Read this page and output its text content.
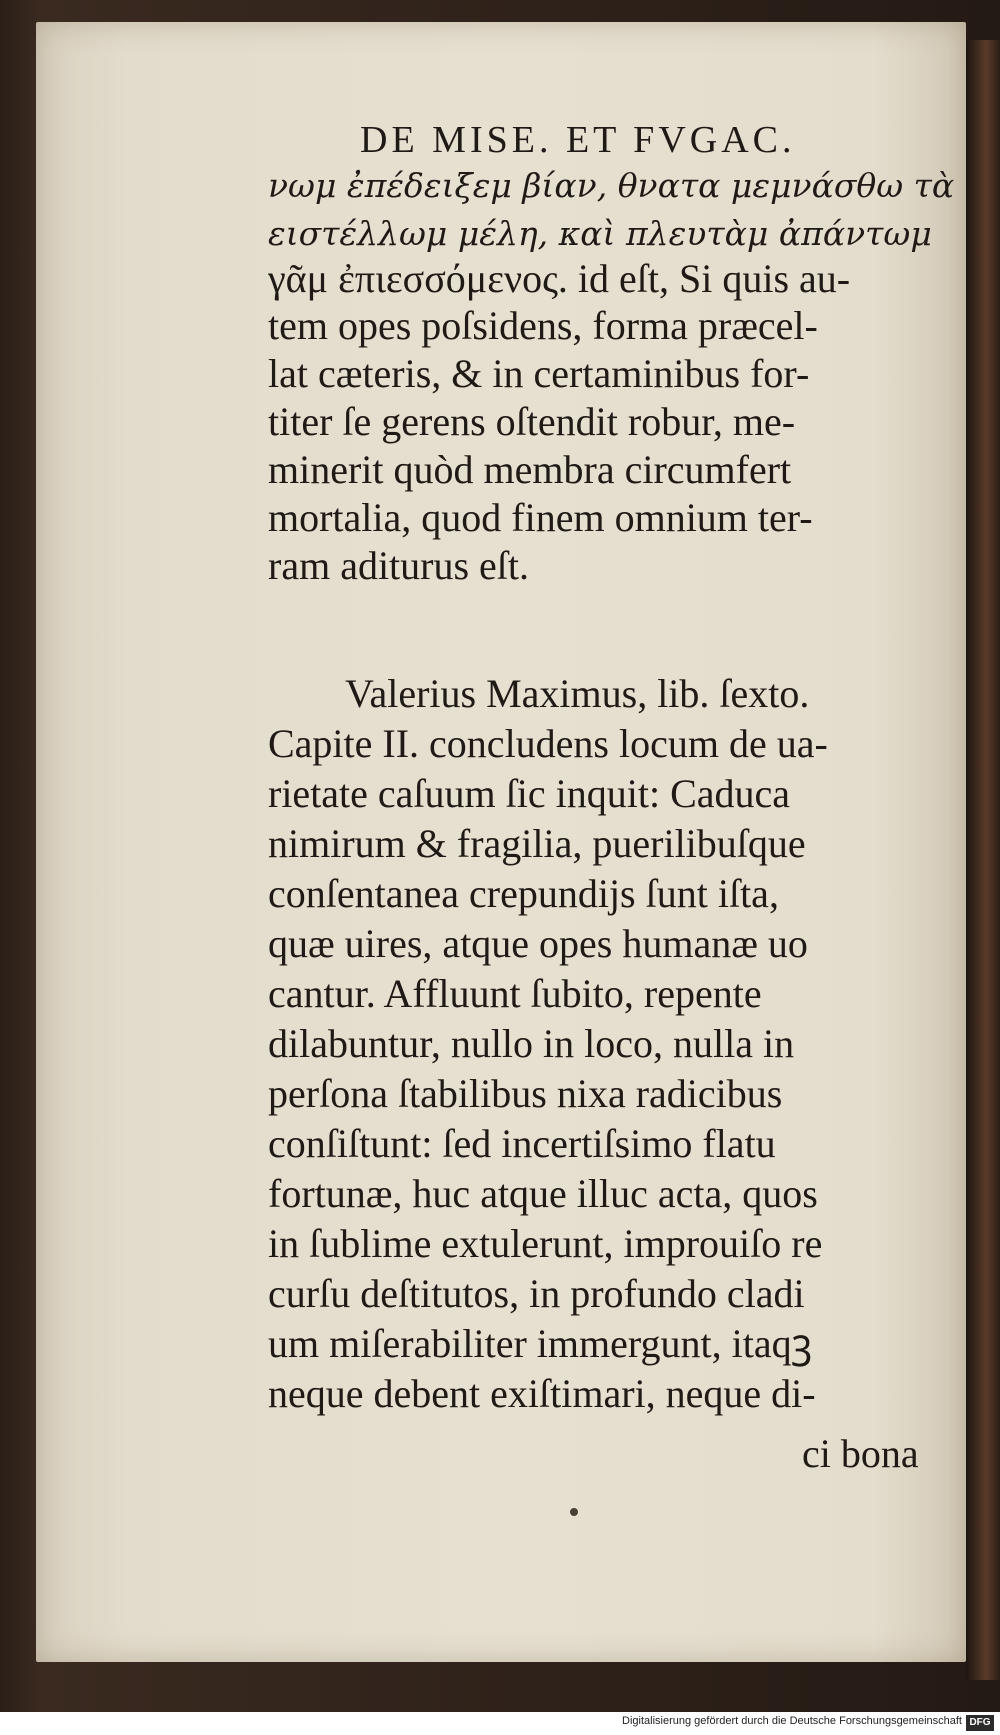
DE MISE. ET FVGAC.
νωμ ἐπέδειξεμ βίαν, θνατα μεμνάσθω τὰ
ειστέλλωμ μέλη, καὶ πλευτὰμ ἀπάντωμ
γᾶμ ἐπιεσσόμενος. id eſt, Si quis au-
tem opes poſsidens, forma præcel-
lat cæteris, & in certaminibus for-
titer ſe gerens oſtendit robur, me-
minerit quòd membra circumfert
mortalia, quod finem omnium ter-
ram aditurus eſt.
Valerius Maximus, lib. ſexto.
Capite II. concludens locum de ua-
rietate caſuum ſic inquit: Caduca
nimirum & fragilia, puerilibuſque
conſentanea crepundijs ſunt iſta,
quæ uires, atque opes humanæ uo
cantur. Affluunt ſubito, repente
dilabuntur, nullo in loco, nulla in
perſona ſtabilibus nixa radicibus
conſiſtunt: ſed incertiſsimo flatu
fortunæ, huc atque illuc acta, quos
in ſublime extulerunt, improuiſo re
curſu deſtitutos, in profundo cladi
um miſerabiliter immergunt, itaqꝫ
neque debent exiſtimari, neque di-
ci bona
Digitalisierung gefördert durch die Deutsche Forschungsgemeinschaft DFG
